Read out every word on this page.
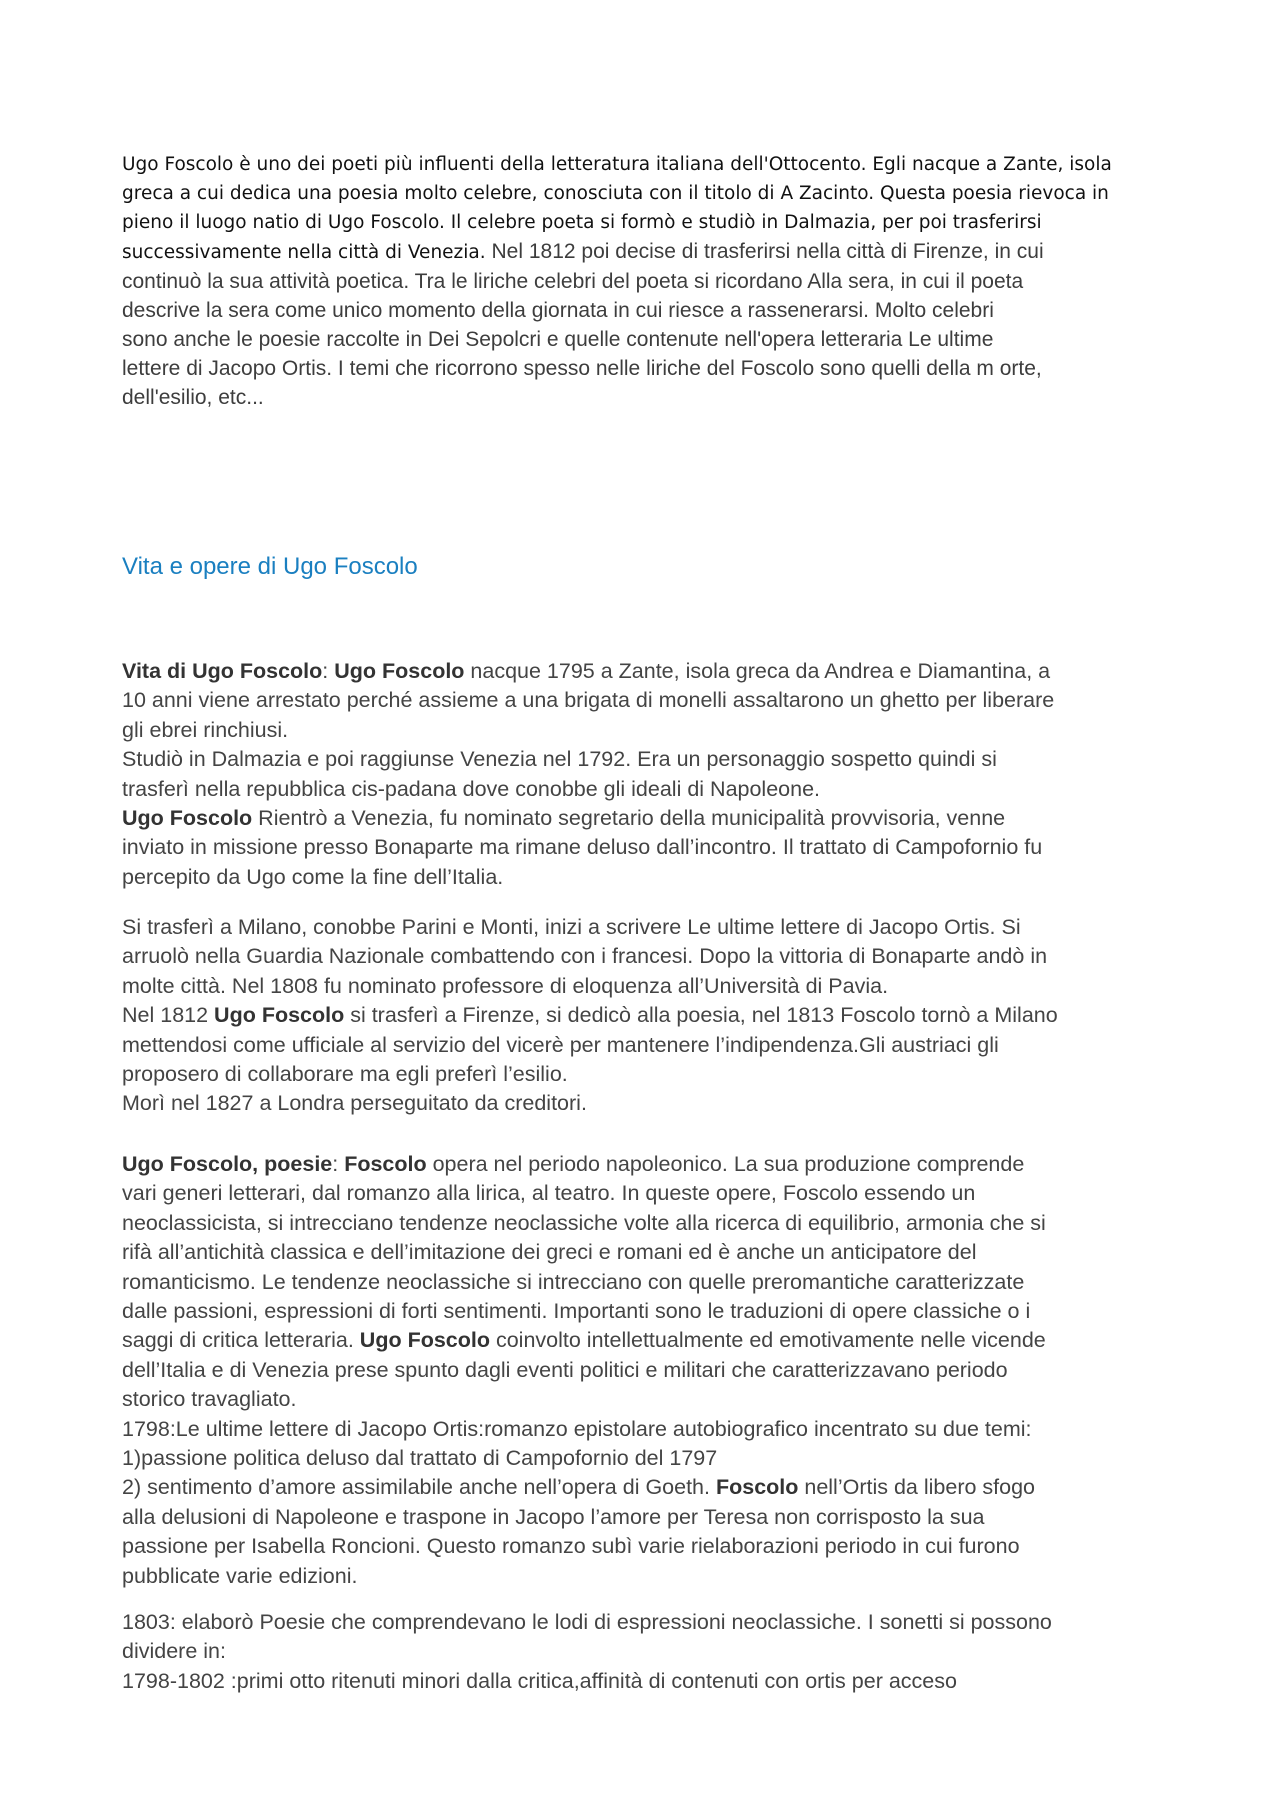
Ugo Foscolo è uno dei poeti più influenti della letteratura italiana dell'Ottocento. Egli nacque a Zante, isola
greca a cui dedica una poesia molto celebre, conosciuta con il titolo di A Zacinto. Questa poesia rievoca in
pieno il luogo natio di Ugo Foscolo. Il celebre poeta si formò e studiò in Dalmazia, per poi trasferirsi
successivamente nella città di Venezia. Nel 1812 poi decise di trasferirsi nella città di Firenze, in cui
continuò la sua attività poetica. Tra le liriche celebri del poeta si ricordano Alla sera, in cui il poeta
descrive la sera come unico momento della giornata in cui riesce a rassenerarsi. Molto celebri
sono anche le poesie raccolte in Dei Sepolcri e quelle contenute nell'opera letteraria Le ultime
lettere di Jacopo Ortis. I temi che ricorrono spesso nelle liriche del Foscolo sono quelli della m orte,
dell'esilio, etc...

Vita e opere di Ugo Foscolo

Vita di Ugo Foscolo: Ugo Foscolo nacque 1795 a Zante, isola greca da Andrea e Diamantina, a
10 anni viene arrestato perché assieme a una brigata di monelli assaltarono un ghetto per liberare
gli ebrei rinchiusi.
Studiò in Dalmazia e poi raggiunse Venezia nel 1792. Era un personaggio sospetto quindi si
trasferì nella repubblica cis-padana dove conobbe gli ideali di Napoleone.
Ugo Foscolo Rientrò a Venezia, fu nominato segretario della municipalità provvisoria, venne
inviato in missione presso Bonaparte ma rimane deluso dall’incontro. Il trattato di Campofornio fu
percepito da Ugo come la fine dell’Italia.

Si trasferì a Milano, conobbe Parini e Monti, inizi a scrivere Le ultime lettere di Jacopo Ortis. Si
arruolò nella Guardia Nazionale combattendo con i francesi. Dopo la vittoria di Bonaparte andò in
molte città. Nel 1808 fu nominato professore di eloquenza all’Università di Pavia.
Nel 1812 Ugo Foscolo si trasferì a Firenze, si dedicò alla poesia, nel 1813 Foscolo tornò a Milano
mettendosi come ufficiale al servizio del vicerè per mantenere l’indipendenza.Gli austriaci gli
proposero di collaborare ma egli preferì l’esilio.
Morì nel 1827 a Londra perseguitato da creditori.

Ugo Foscolo, poesie: Foscolo opera nel periodo napoleonico. La sua produzione comprende
vari generi letterari, dal romanzo alla lirica, al teatro. In queste opere, Foscolo essendo un
neoclassicista, si intrecciano tendenze neoclassiche volte alla ricerca di equilibrio, armonia che si
rifà all’antichità classica e dell’imitazione dei greci e romani ed è anche un anticipatore del
romanticismo. Le tendenze neoclassiche si intrecciano con quelle preromantiche caratterizzate
dalle passioni, espressioni di forti sentimenti. Importanti sono le traduzioni di opere classiche o i
saggi di critica letteraria. Ugo Foscolo coinvolto intellettualmente ed emotivamente nelle vicende
dell’Italia e di Venezia prese spunto dagli eventi politici e militari che caratterizzavano periodo
storico travagliato.
1798:Le ultime lettere di Jacopo Ortis:romanzo epistolare autobiografico incentrato su due temi:
1)passione politica deluso dal trattato di Campofornio del 1797
2) sentimento d’amore assimilabile anche nell’opera di Goeth. Foscolo nell’Ortis da libero sfogo
alla delusioni di Napoleone e traspone in Jacopo l’amore per Teresa non corrisposto la sua
passione per Isabella Roncioni. Questo romanzo subì varie rielaborazioni periodo in cui furono
pubblicate varie edizioni.

1803: elaborò Poesie che comprendevano le lodi di espressioni neoclassiche. I sonetti si possono
dividere in:
1798-1802 :primi otto ritenuti minori dalla critica,affinità di contenuti con ortis per acceso
